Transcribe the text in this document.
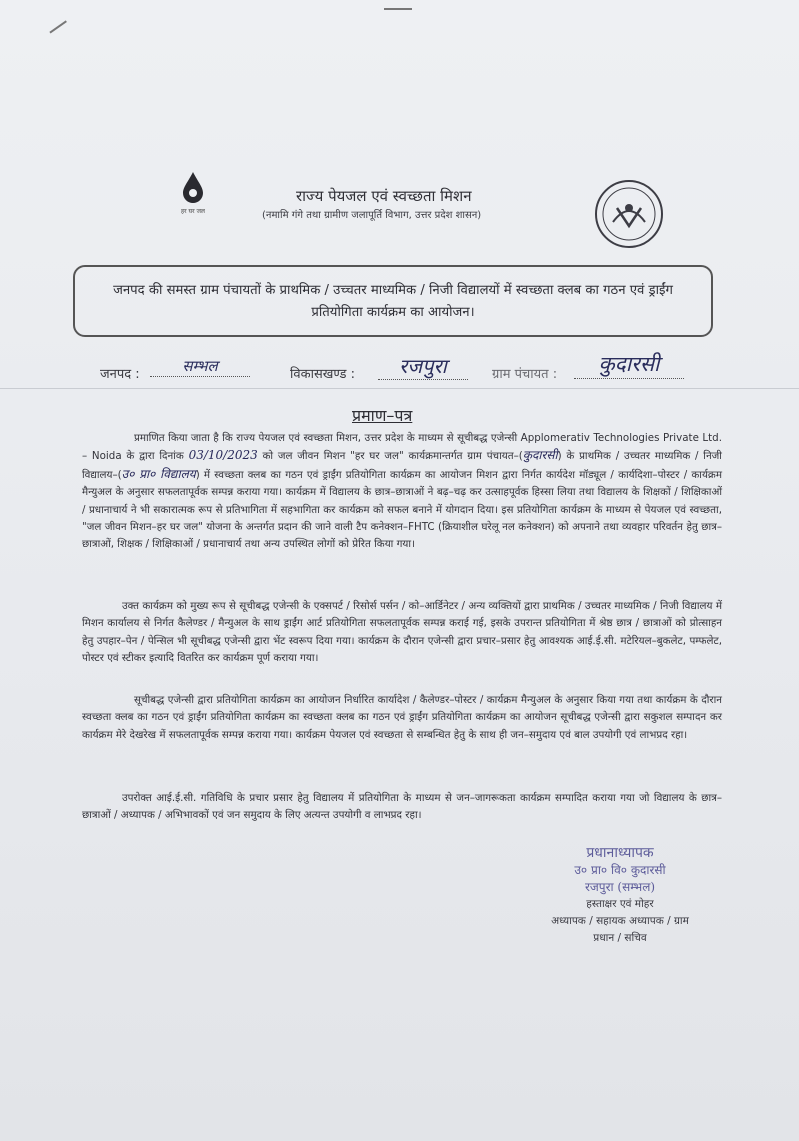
हर घर जल
राज्य पेयजल एवं स्वच्छता मिशन
(नमामि गंगे तथा ग्रामीण जलापूर्ति विभाग, उत्तर प्रदेश शासन)
जनपद की समस्त ग्राम पंचायतों के प्राथमिक / उच्चतर माध्यमिक / निजी विद्यालयों में स्वच्छता क्लब का गठन एवं ड्राईंग प्रतियोगिता कार्यक्रम का आयोजन।
जनपद :	सम्भल	विकासखण्ड :	रजपुरा	ग्राम पंचायत :	कुदारसी
प्रमाण–पत्र
प्रमाणित किया जाता है कि राज्य पेयजल एवं स्वच्छता मिशन, उत्तर प्रदेश के माध्यम से सूचीबद्ध एजेन्सी Applomerativ Technologies Private Ltd. – Noida के द्वारा दिनांक 03/10/2023 को जल जीवन मिशन "हर घर जल" कार्यक्रमान्तर्गत ग्राम पंचायत–(कुदारसी) के प्राथमिक / उच्चतर माध्यमिक / निजी विद्यालय–(उ० प्रा० विद्यालय) में स्वच्छता क्लब का गठन एवं ड्राईंग प्रतियोगिता कार्यक्रम का आयोजन मिशन द्वारा निर्गत कार्यदेश मॉड्यूल / कार्यदिशा–पोस्टर / कार्यक्रम मैन्युअल के अनुसार सफलतापूर्वक सम्पन्न कराया गया। कार्यक्रम में विद्यालय के छात्र–छात्राओं ने बढ़–चढ़ कर उत्साहपूर्वक हिस्सा लिया तथा विद्यालय के शिक्षकों / शिक्षिकाओं / प्रधानाचार्य ने भी सकारात्मक रूप से प्रतिभागिता में सहभागिता कर कार्यक्रम को सफल बनाने में योगदान दिया। इस प्रतियोगिता कार्यक्रम के माध्यम से पेयजल एवं स्वच्छता, "जल जीवन मिशन–हर घर जल" योजना के अन्तर्गत प्रदान की जाने वाली टैप कनेक्शन–FHTC (क्रियाशील घरेलू नल कनेक्शन) को अपनाने तथा व्यवहार परिवर्तन हेतु छात्र–छात्राओं, शिक्षक / शिक्षिकाओं / प्रधानाचार्य तथा अन्य उपस्थित लोगों को प्रेरित किया गया।
उक्त कार्यक्रम को मुख्य रूप से सूचीबद्ध एजेन्सी के एक्सपर्ट / रिसोर्स पर्सन / को–आर्डिनेटर / अन्य व्यक्तियों द्वारा प्राथमिक / उच्चतर माध्यमिक / निजी विद्यालय में मिशन कार्यालय से निर्गत कैलेण्डर / मैन्युअल के साथ ड्राईंग आर्ट प्रतियोगिता सफलतापूर्वक सम्पन्न कराई गई, इसके उपरान्त प्रतियोगिता में श्रेष्ठ छात्र / छात्राओं को प्रोत्साहन हेतु उपहार–पेन / पेन्सिल भी सूचीबद्ध एजेन्सी द्वारा भेंट स्वरूप दिया गया। कार्यक्रम के दौरान एजेन्सी द्वारा प्रचार–प्रसार हेतु आवश्यक आई.ई.सी. मटेरियल–बुकलेट, पम्फलेट, पोस्टर एवं स्टीकर इत्यादि वितरित कर कार्यक्रम पूर्ण कराया गया।
सूचीबद्ध एजेन्सी द्वारा प्रतियोगिता कार्यक्रम का आयोजन निर्धारित कार्यादेश / कैलेण्डर–पोस्टर / कार्यक्रम मैन्युअल के अनुसार किया गया तथा कार्यक्रम के दौरान स्वच्छता क्लब का गठन एवं ड्राईंग प्रतियोगिता कार्यक्रम का स्वच्छता क्लब का गठन एवं ड्राईंग प्रतियोगिता कार्यक्रम का आयोजन सूचीबद्ध एजेन्सी द्वारा सकुशल सम्पादन कर कार्यक्रम मेरे देखरेख में सफलतापूर्वक सम्पन्न कराया गया। कार्यक्रम पेयजल एवं स्वच्छता से सम्बन्धित हेतु के साथ ही जन–समुदाय एवं बाल उपयोगी एवं लाभप्रद रहा।
उपरोक्त आई.ई.सी. गतिविधि के प्रचार प्रसार हेतु विद्यालय में प्रतियोगिता के माध्यम से जन–जागरूकता कार्यक्रम सम्पादित कराया गया जो विद्यालय के छात्र–छात्राओं / अध्यापक / अभिभावकों एवं जन समुदाय के लिए अत्यन्त उपयोगी व लाभप्रद रहा।
प्रधानाध्यापक
उ० प्रा० वि० कुदारसी
रजपुरा (सम्भल)
हस्ताक्षर एवं मोहर
अध्यापक / सहायक अध्यापक / ग्राम
प्रधान / सचिव
